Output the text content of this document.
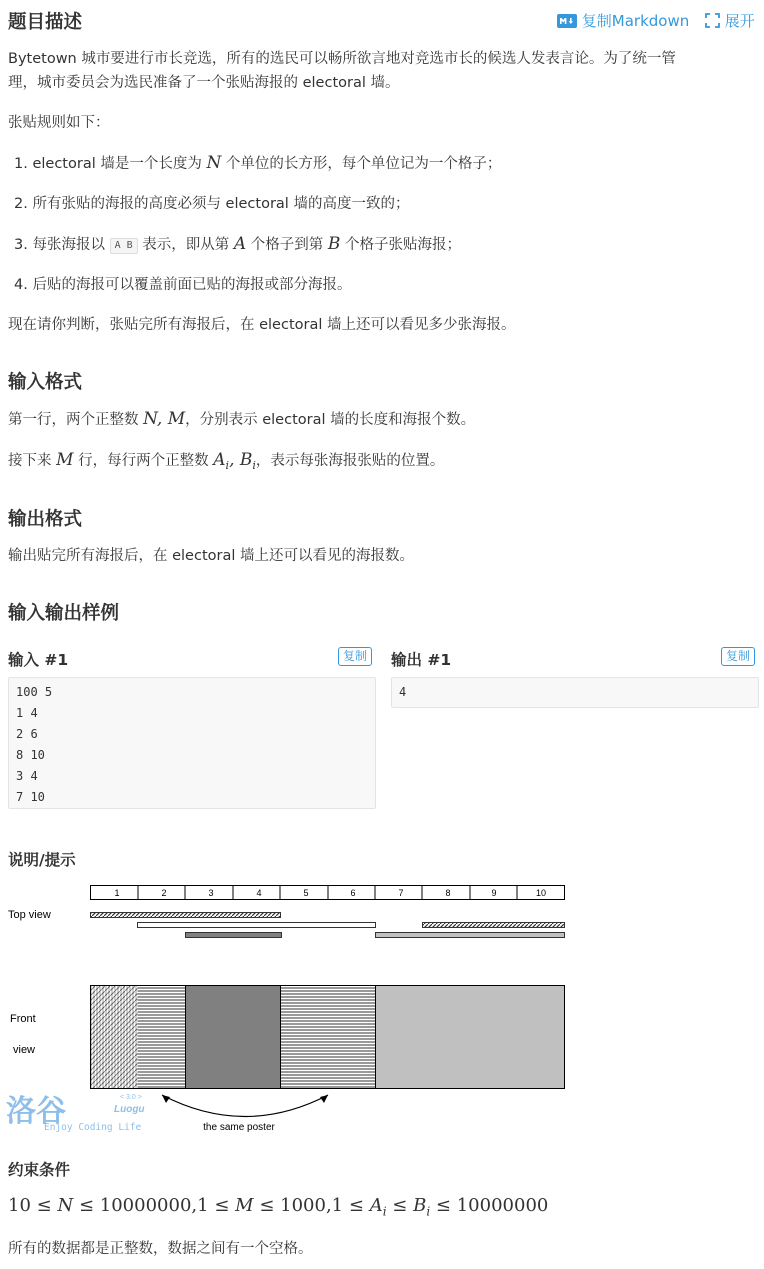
题目描述	复制Markdown	展开

Bytetown 城市要进行市长竞选，所有的选民可以畅所欲言地对竞选市长的候选人发表言论。为了统一管

理，城市委员会为选民准备了一个张贴海报的 electoral 墙。

张贴规则如下：

1. electoral 墙是一个长度为 N 个单位的长方形，每个单位记为一个格子；

2. 所有张贴的海报的高度必须与 electoral 墙的高度一致的；

3. 每张海报以 A B 表示，即从第 A 个格子到第 B 个格子张贴海报；

4. 后贴的海报可以覆盖前面已贴的海报或部分海报。

现在请你判断，张贴完所有海报后，在 electoral 墙上还可以看见多少张海报。

输入格式

第一行，两个正整数 N, M，分别表示 electoral 墙的长度和海报个数。

接下来 M 行，每行两个正整数 $A_i$, $B_i$，表示每张海报张贴的位置。

输出格式

输出贴完所有海报后，在 electoral 墙上还可以看见的海报数。

输入输出样例
输入 #1	复制
100 5
1 4
2 6
8 10
3 4
7 10
输出 #1	复制
4
说明/提示
1	2	3	4	5	6	7	8	9	10
Top view
Front
view
the same poster
洛谷	Luogu
< 3.0 >
Enjoy Coding Life
约束条件

$10 \le N \le 10000000,1 \le M \le 1000,1 \le A_i \le B_i \le 10000000$

所有的数据都是正整数，数据之间有一个空格。
